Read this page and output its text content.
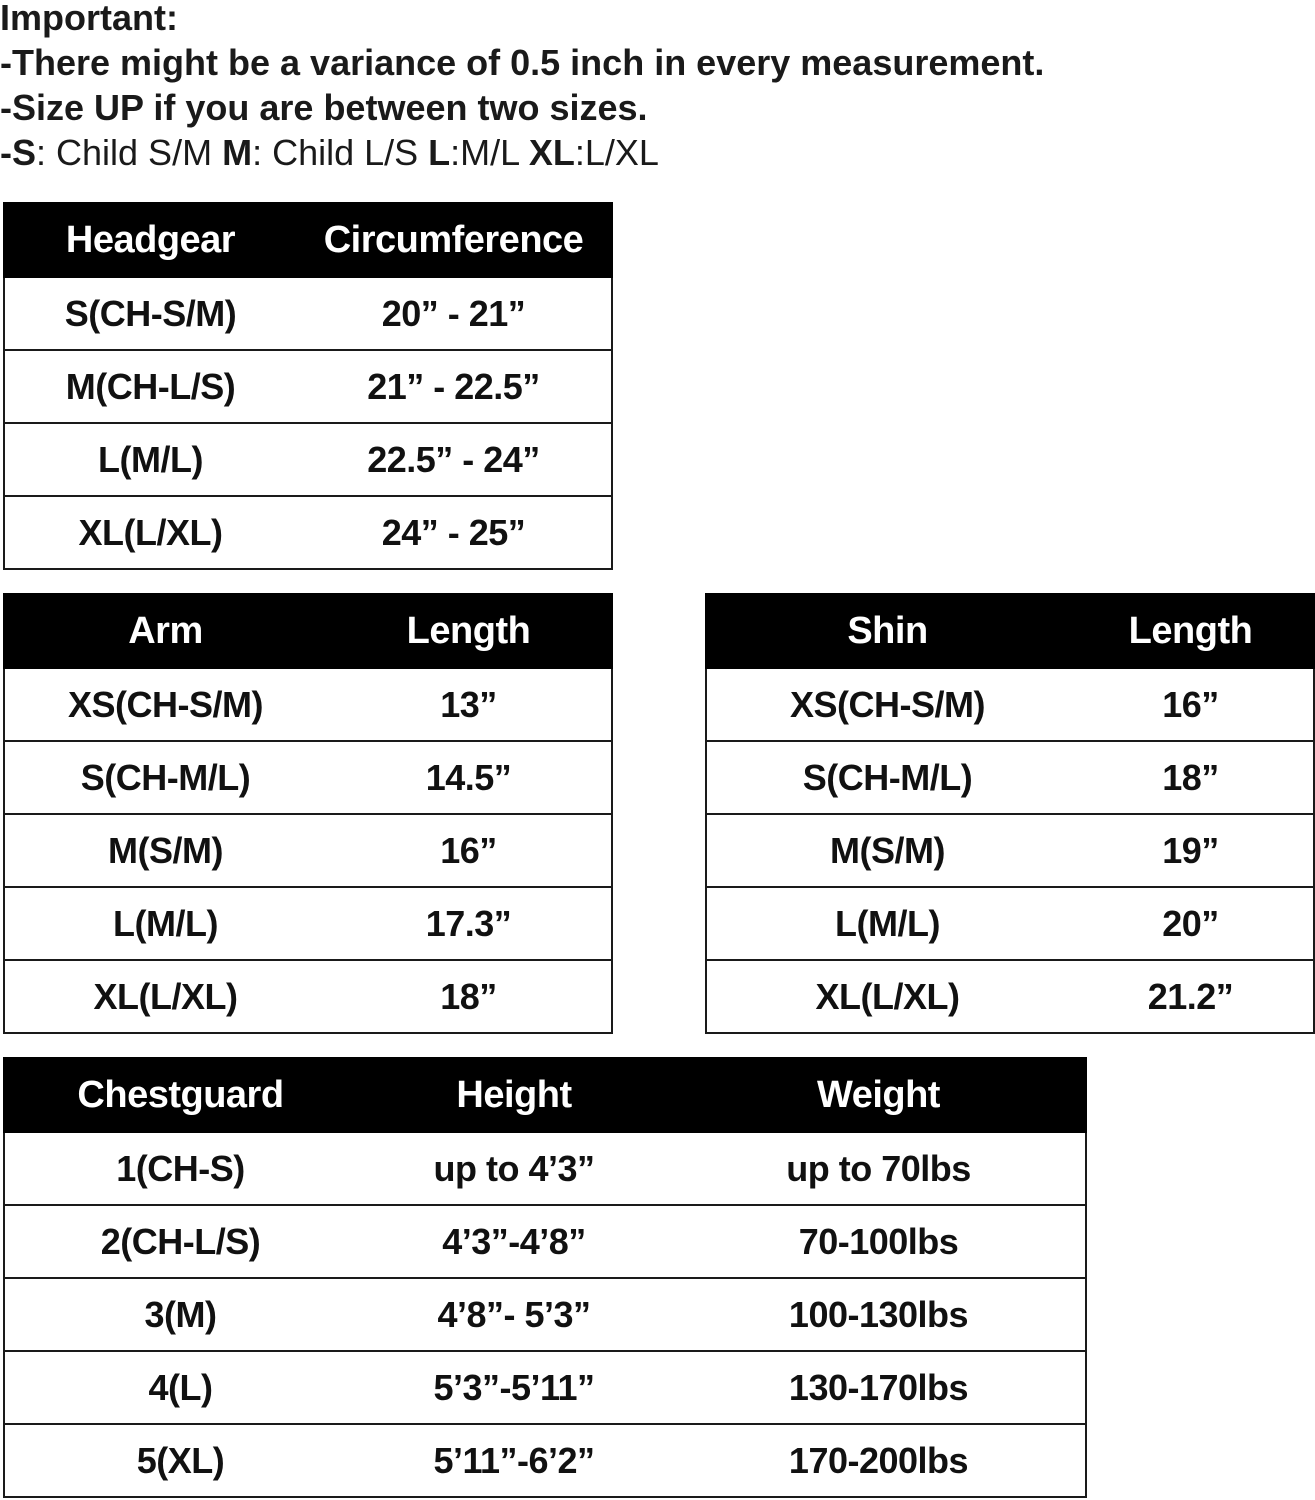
Important:
-There might be a variance of 0.5 inch in every measurement.
-Size UP if you are between two sizes.
-S: Child S/M M: Child L/S L:M/L XL:L/XL
Headgear	Circumference
S(CH-S/M)	20” - 21”
M(CH-L/S)	21” - 22.5”
L(M/L)	22.5” - 24”
XL(L/XL)	24” - 25”
Arm	Length
XS(CH-S/M)	13”
S(CH-M/L)	14.5”
M(S/M)	16”
L(M/L)	17.3”
XL(L/XL)	18”
Shin	Length
XS(CH-S/M)	16”
S(CH-M/L)	18”
M(S/M)	19”
L(M/L)	20”
XL(L/XL)	21.2”
Chestguard	Height	Weight
1(CH-S)	up to 4’3”	up to 70lbs
2(CH-L/S)	4’3”-4’8”	70-100lbs
3(M)	4’8”- 5’3”	100-130lbs
4(L)	5’3”-5’11”	130-170lbs
5(XL)	5’11”-6’2”	170-200lbs
